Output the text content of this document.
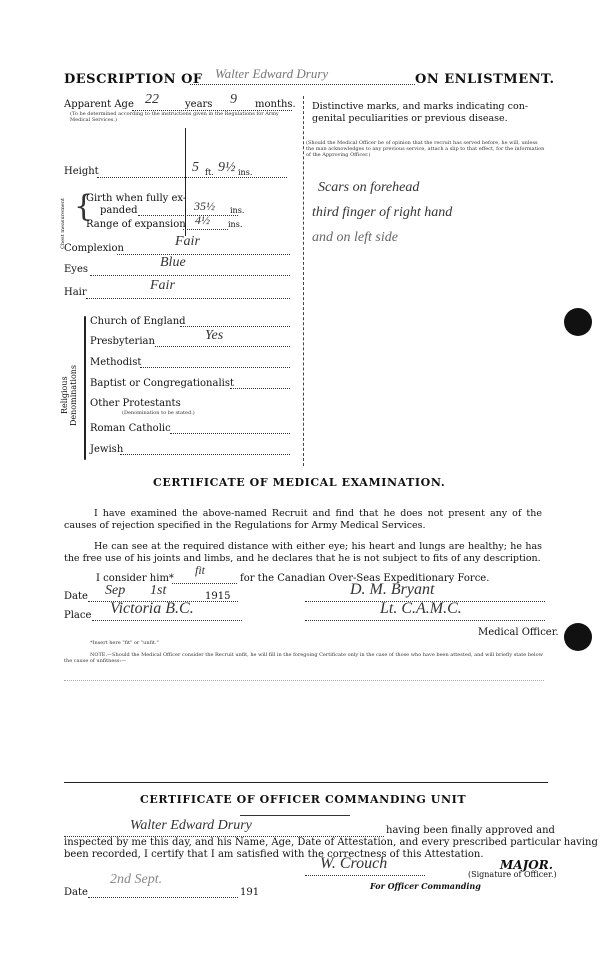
DESCRIPTION OF Walter Edward Drury	ON ENLISTMENT.
Apparent Age 22	years 9 months.
(To be determined according to the instructions given in the Regulations for Army Medical Services.)
Height	5 ft. 9½ ins.
Chest measurement {
Girth when fully ex-
panded	35½ ins.
Range of expansion 4½ ins.
Complexion	Fair
Eyes	Blue
Hair	Fair
Religious Denominations
Church of England
Presbyterian	Yes
Methodist
Baptist or Congregationalist
Other Protestants
(Denomination to be stated.)
Roman Catholic
Jewish
Distinctive marks, and marks indicating con-
genital peculiarities or previous disease.
(Should the Medical Officer be of opinion that the recruit has served before, he will, unless the man acknowledges to any previous service, attach a slip to that effect, for the information of the Approving Officer.)
Scars on forehead
third finger of right hand
and on left side
CERTIFICATE OF MEDICAL EXAMINATION.
I have examined the above-named Recruit and find that he does not present any of the causes of rejection specified in the Regulations for Army Medical Services.
He can see at the required distance with either eye; his heart and lungs are healthy; he has the free use of his joints and limbs, and he declares that he is not subject to fits of any description.
I consider him*
fit
for the Canadian Over-Seas Expeditionary Force.
Date Sep 1st	1915	D. M. Bryant
Place Victoria B.C.	Lt. C.A.M.C.
Medical Officer.
*Insert here "fit" or "unfit."
NOTE.—Should the Medical Officer consider the Recruit unfit, he will fill in the foregoing Certificate only in the case of those who have been attested, and will briefly state below the cause of unfitness:—
CERTIFICATE OF OFFICER COMMANDING UNIT
Walter Edward Drury	having been finally approved and
inspected by me this day, and his Name, Age, Date of Attestation, and every prescribed particular having
been recorded, I certify that I am satisfied with the correctness of this Attestation.
W. Crouch	MAJOR.
(Signature of Officer.)
For Officer Commanding
Date
2nd Sept.
191
